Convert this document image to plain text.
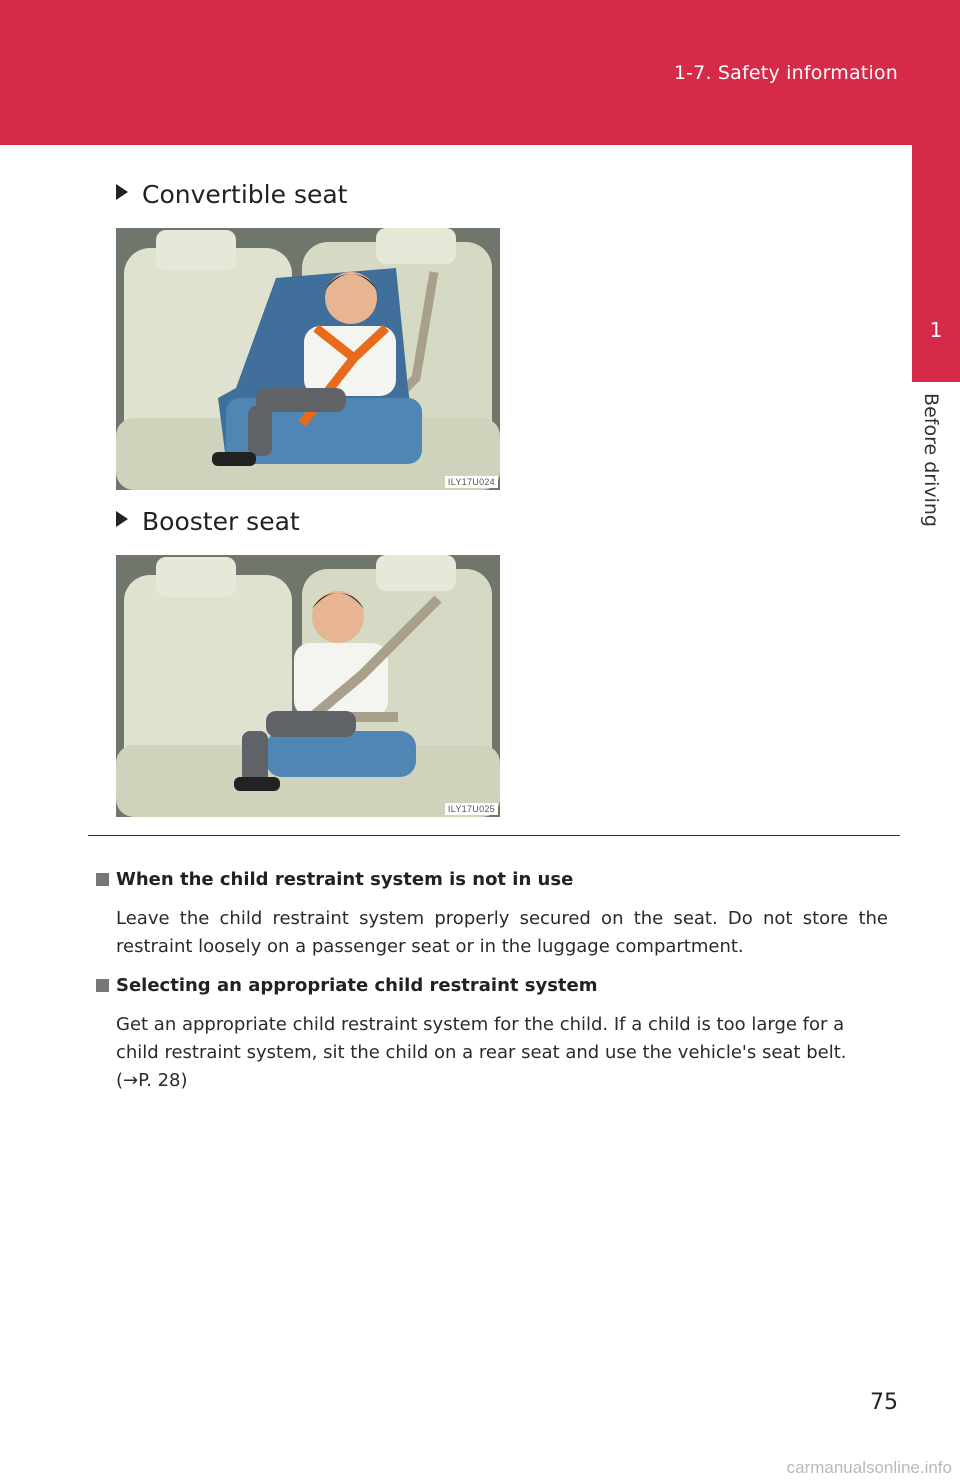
1-7. Safety information
1
Before driving
Convertible seat
ILY17U024
Booster seat
ILY17U025
When the child restraint system is not in use
Leave the child restraint system properly secured on the seat. Do not store the restraint loosely on a passenger seat or in the luggage compartment.
Selecting an appropriate child restraint system
Get an appropriate child restraint system for the child. If a child is too large for a child restraint system, sit the child on a rear seat and use the vehicle's seat belt.
(→P. 28)
75
carmanualsonline.info
